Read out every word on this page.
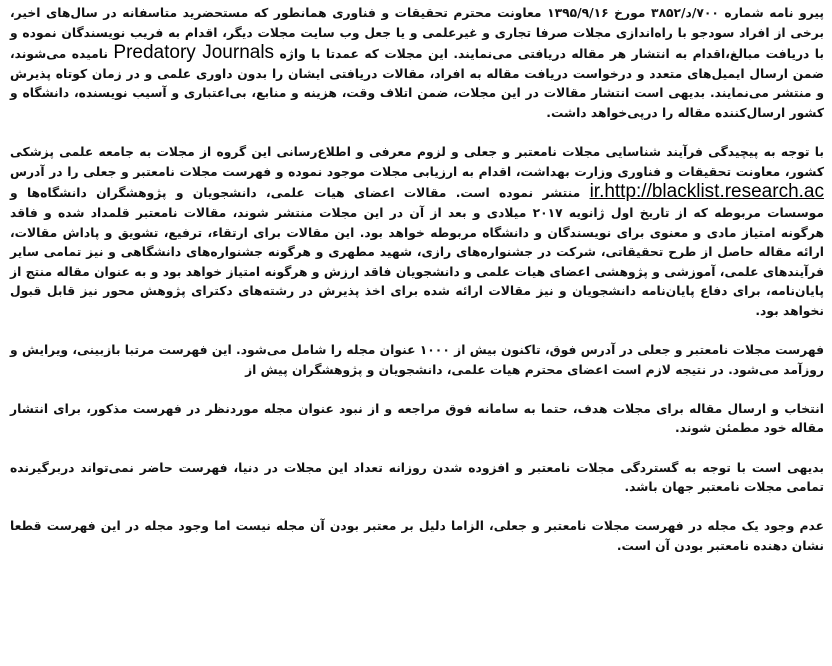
پیرو نامه شماره ۷۰۰/د/۳۸۵۲ مورخ ۱۳۹۵/۹/۱۶ معاونت محترم تحقیقات و فناوری همانطور که مستحضرید متاسفانه در سال‌های اخیر، برخی از افراد سودجو با راه‌اندازی مجلات صرفا تجاری و غیرعلمی و یا جعل وب سایت مجلات دیگر، اقدام به فریب نویسندگان نموده و با دریافت مبالغ،اقدام به انتشار هر مقاله دریافتی می‌نمایند. این مجلات که عمدتا با واژه Predatory Journals نامیده می‌شوند، ضمن ارسال ایمیل‌های متعدد و درخواست دریافت مقاله به افراد، مقالات دریافتی ایشان را بدون داوری علمی و در زمان کوتاه پذیرش و منتشر می‌نمایند. بدیهی است انتشار مقالات در این مجلات، ضمن اتلاف وقت، هزینه و منابع، بی‌اعتباری و آسیب نویسنده، دانشگاه و کشور ارسال‌کننده مقاله را درپی‌خواهد داشت.

با توجه به پیچیدگی فرآیند شناسایی مجلات نامعتبر و جعلی و لزوم معرفی و اطلاع‌رسانی این گروه از مجلات به جامعه علمی پزشکی کشور، معاونت تحقیقات و فناوری وزارت بهداشت، اقدام به ارزیابی مجلات موجود نموده و فهرست مجلات نامعتبر و جعلی را در آدرس ir.http://blacklist.research.ac منتشر نموده است. مقالات اعضای هیات علمی، دانشجویان و پژوهشگران دانشگاه‌ها و موسسات مربوطه که از تاریخ اول ژانویه ۲۰۱۷ میلادی و بعد از آن در این مجلات منتشر شوند، مقالات نامعتبر قلمداد شده و فاقد هرگونه امتیاز مادی و معنوی برای نویسندگان و دانشگاه مربوطه خواهد بود. این مقالات برای ارتقاء، ترفیع، تشویق و پاداش مقالات، ارائه مقاله حاصل از طرح تحقیقاتی، شرکت در جشنواره‌های رازی، شهید مطهری و هرگونه جشنواره‌های دانشگاهی و نیز تمامی سایر فرآیندهای علمی، آموزشی و پژوهشی اعضای هیات علمی و دانشجویان فاقد ارزش و هرگونه امتیاز خواهد بود و به عنوان مقاله منتج از پایان‌نامه، برای دفاع پایان‌نامه دانشجویان و نیز مقالات ارائه شده برای اخذ پذیرش در رشته‌های دکترای پژوهش محور نیز قابل قبول نخواهد بود.

فهرست مجلات نامعتبر و جعلی در آدرس فوق، تاکنون بیش از ۱۰۰۰ عنوان مجله را شامل می‌شود. این فهرست مرتبا بازبینی، ویرایش و روزآمد می‌شود. در نتیجه لازم است اعضای محترم هیات علمی، دانشجویان و پژوهشگران پیش از

انتخاب و ارسال مقاله برای مجلات هدف، حتما به سامانه فوق مراجعه و از نبود عنوان مجله موردنظر در فهرست مذکور، برای انتشار مقاله خود مطمئن شوند.

بدیهی است با توجه به گستردگی مجلات نامعتبر و افزوده شدن روزانه تعداد این مجلات در دنیا، فهرست حاضر نمی‌تواند دربرگیرنده تمامی مجلات نامعتبر جهان باشد.

عدم وجود یک مجله در فهرست مجلات نامعتبر و جعلی، الزاما دلیل بر معتبر بودن آن مجله نیست اما وجود مجله در این فهرست قطعا نشان دهنده نامعتبر بودن آن است.
